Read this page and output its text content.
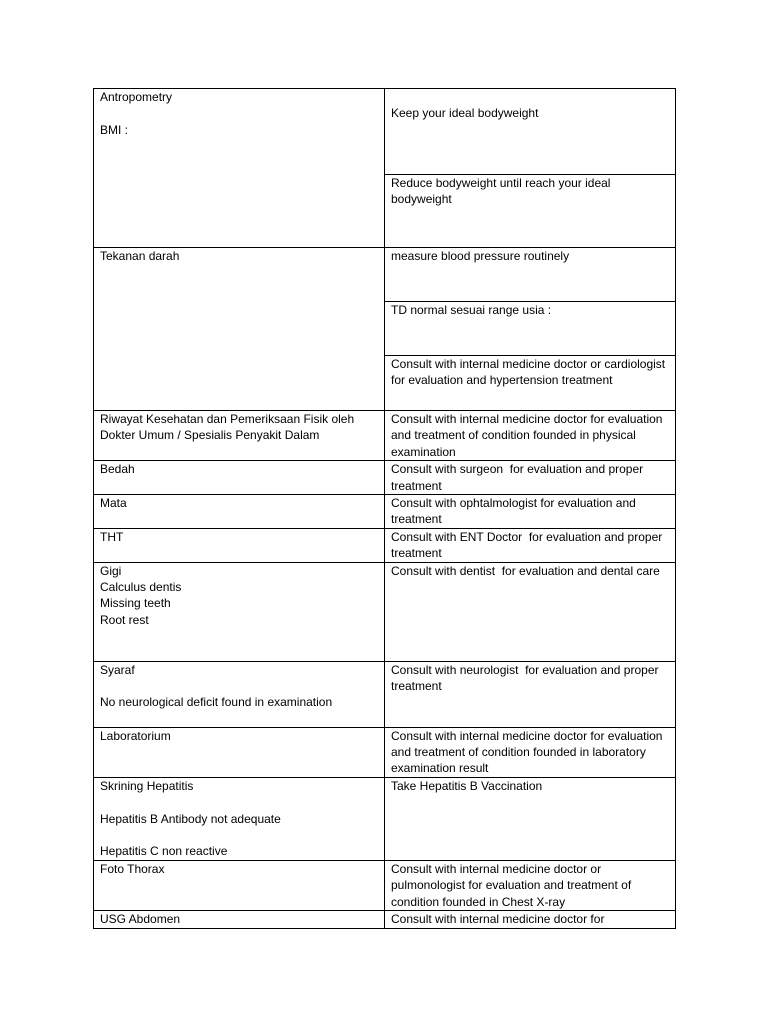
Antropometry
BMI :	Keep your ideal bodyweight

	Reduce bodyweight until reach your ideal bodyweight

Tekanan darah	measure blood pressure routinely

	TD normal sesuai range usia :

	Consult with internal medicine doctor or cardiologist for evaluation and hypertension treatment

Riwayat Kesehatan dan Pemeriksaan Fisik oleh Dokter Umum / Spesialis Penyakit Dalam	Consult with internal medicine doctor for evaluation and treatment of condition founded in physical examination

Bedah	Consult with surgeon  for evaluation and proper treatment

Mata	Consult with ophtalmologist for evaluation and treatment

THT	Consult with ENT Doctor  for evaluation and proper treatment

Gigi
Calculus dentis
Missing teeth
Root rest	Consult with dentist  for evaluation and dental care

Syaraf
No neurological deficit found in examination	Consult with neurologist  for evaluation and proper treatment

Laboratorium	Consult with internal medicine doctor for evaluation and treatment of condition founded in laboratory examination result

Skrining Hepatitis
Hepatitis B Antibody not adequate
Hepatitis C non reactive	Take Hepatitis B Vaccination

Foto Thorax	Consult with internal medicine doctor or pulmonologist for evaluation and treatment of condition founded in Chest X-ray

USG Abdomen	Consult with internal medicine doctor for
